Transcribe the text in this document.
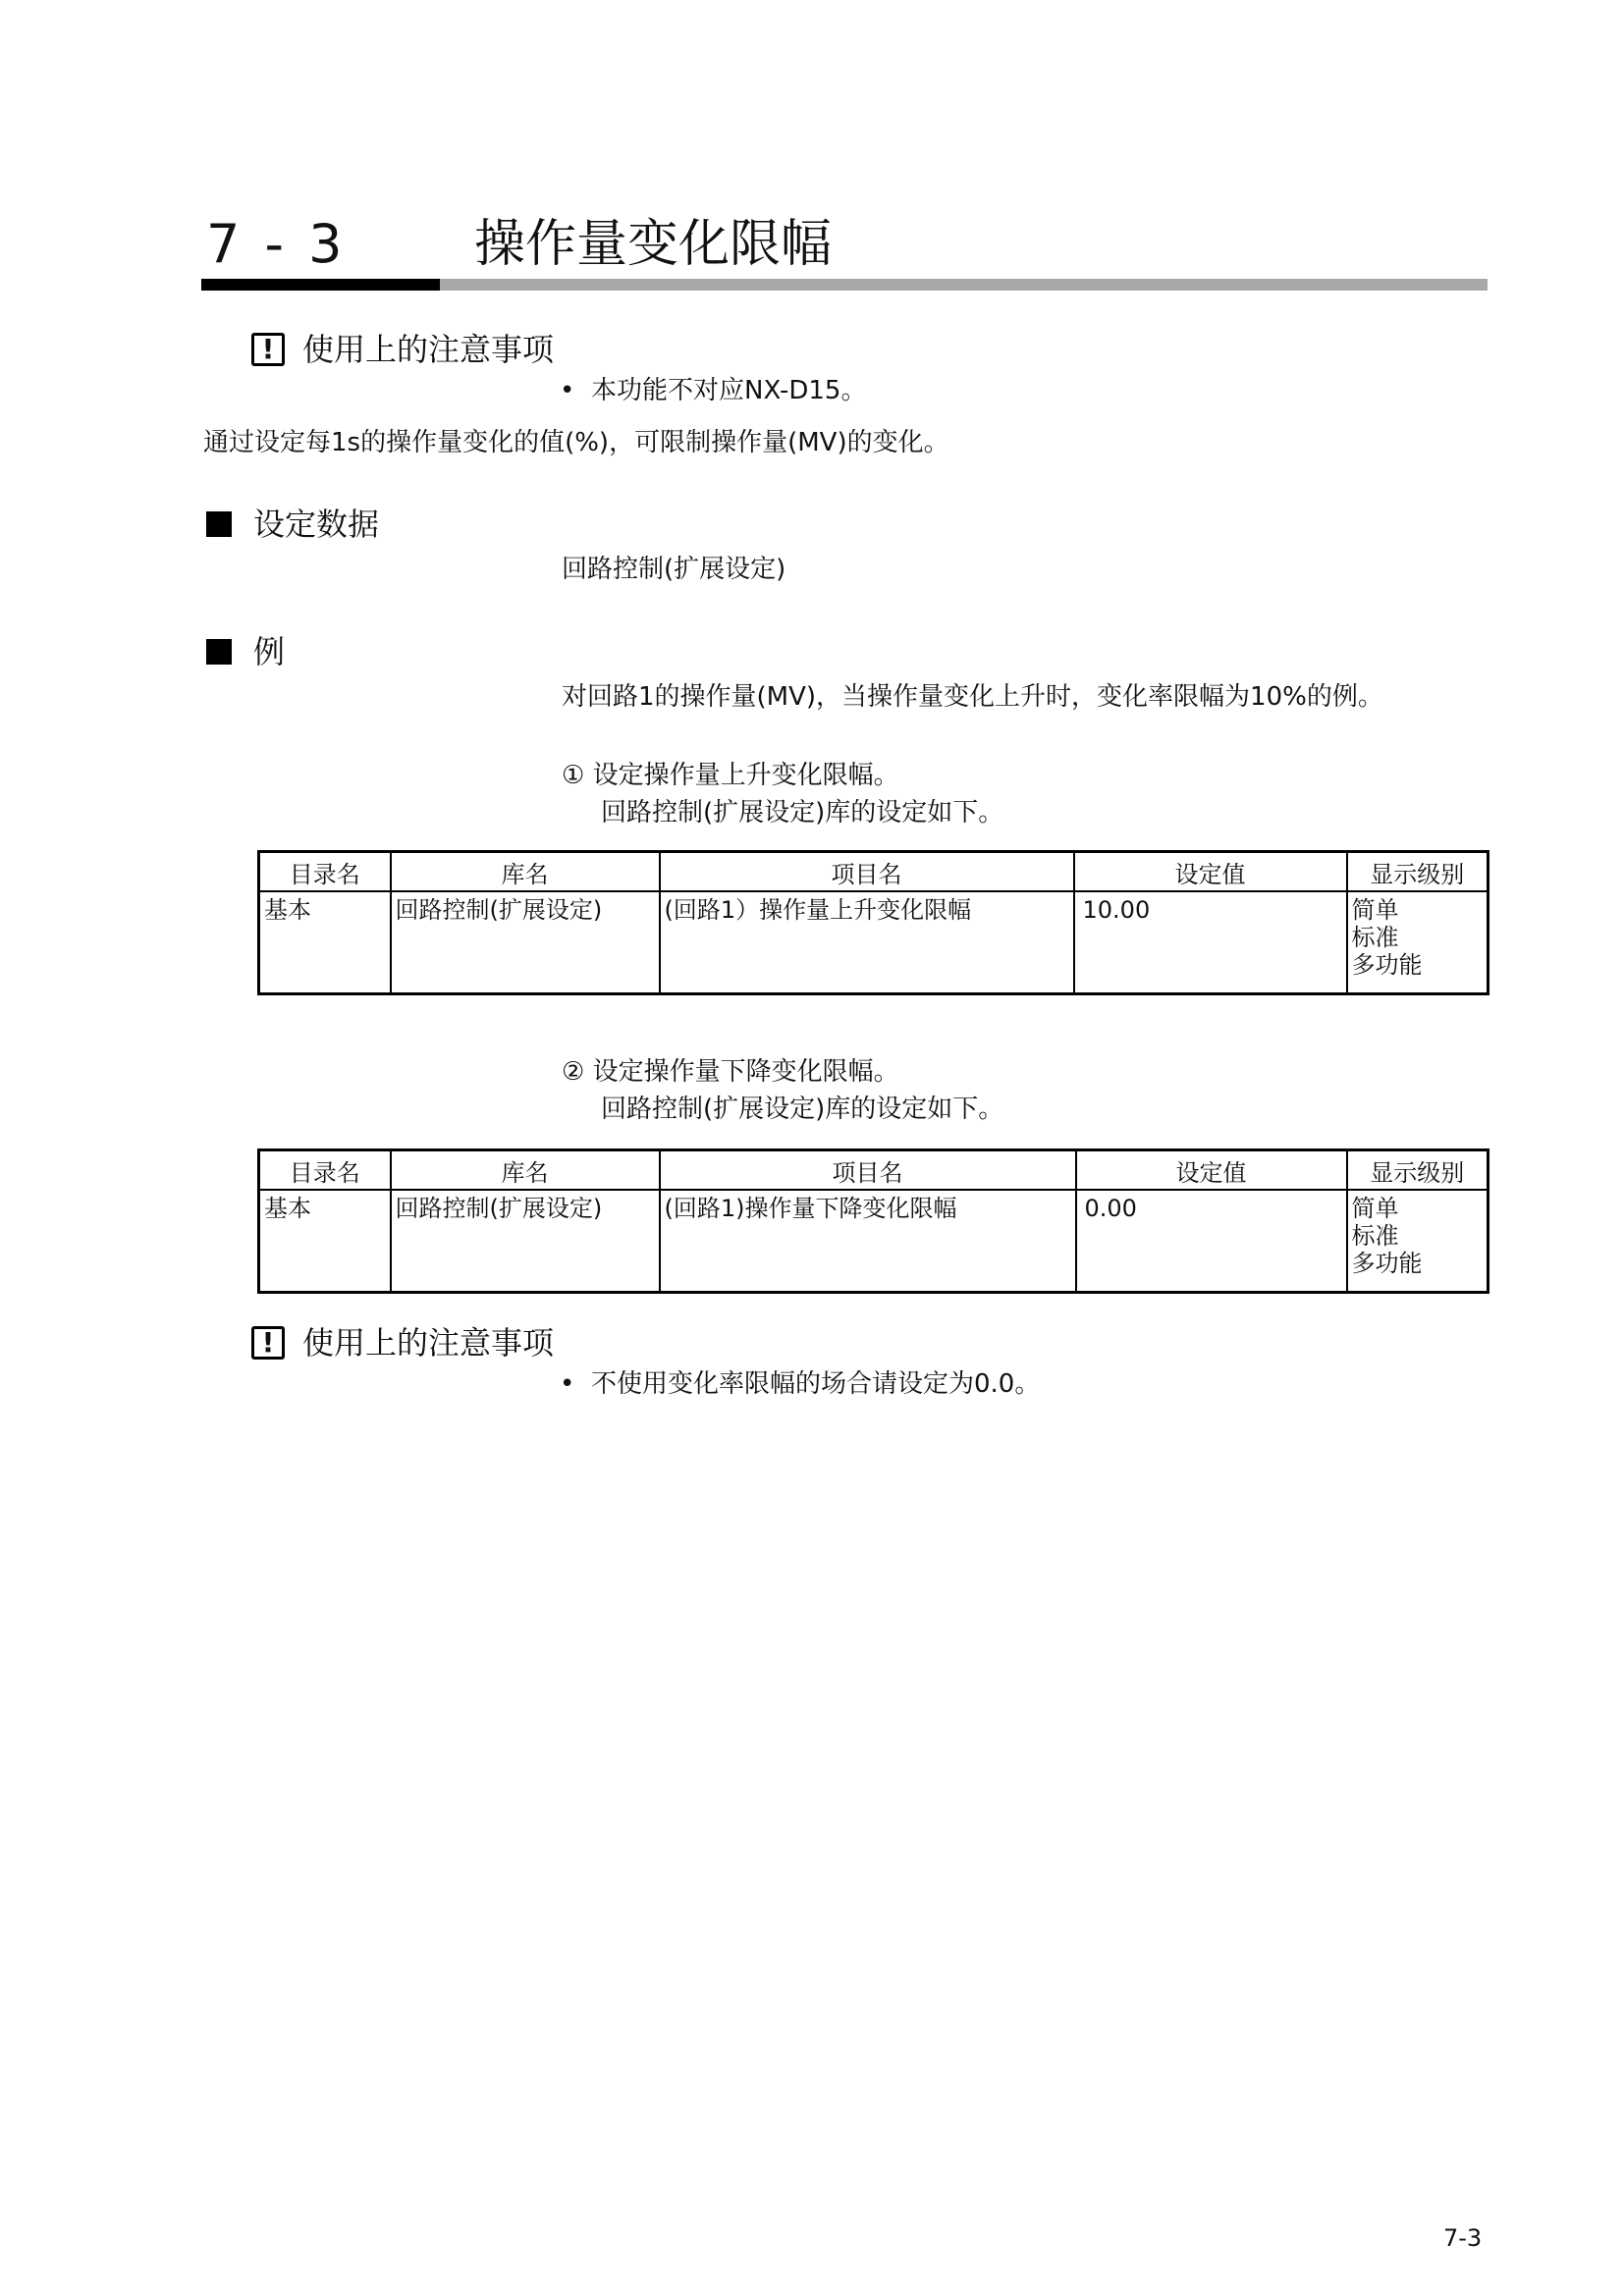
7 - 3	操作量变化限幅
! 使用上的注意事项
• 本功能不对应NX-D15。
通过设定每1s的操作量变化的值(%)，可限制操作量(MV)的变化。
设定数据
回路控制(扩展设定)
例
对回路1的操作量(MV)，当操作量变化上升时，变化率限幅为10%的例。
① 设定操作量上升变化限幅。
回路控制(扩展设定)库的设定如下。
目录名	库名	项目名	设定值	显示级别
基本	回路控制(扩展设定)	(回路1）操作量上升变化限幅	10.00	简单
标准
多功能
② 设定操作量下降变化限幅。
回路控制(扩展设定)库的设定如下。
目录名	库名	项目名	设定值	显示级别
基本	回路控制(扩展设定)	(回路1)操作量下降变化限幅	0.00	简单
标准
多功能
! 使用上的注意事项
• 不使用变化率限幅的场合请设定为0.0。
7-3
